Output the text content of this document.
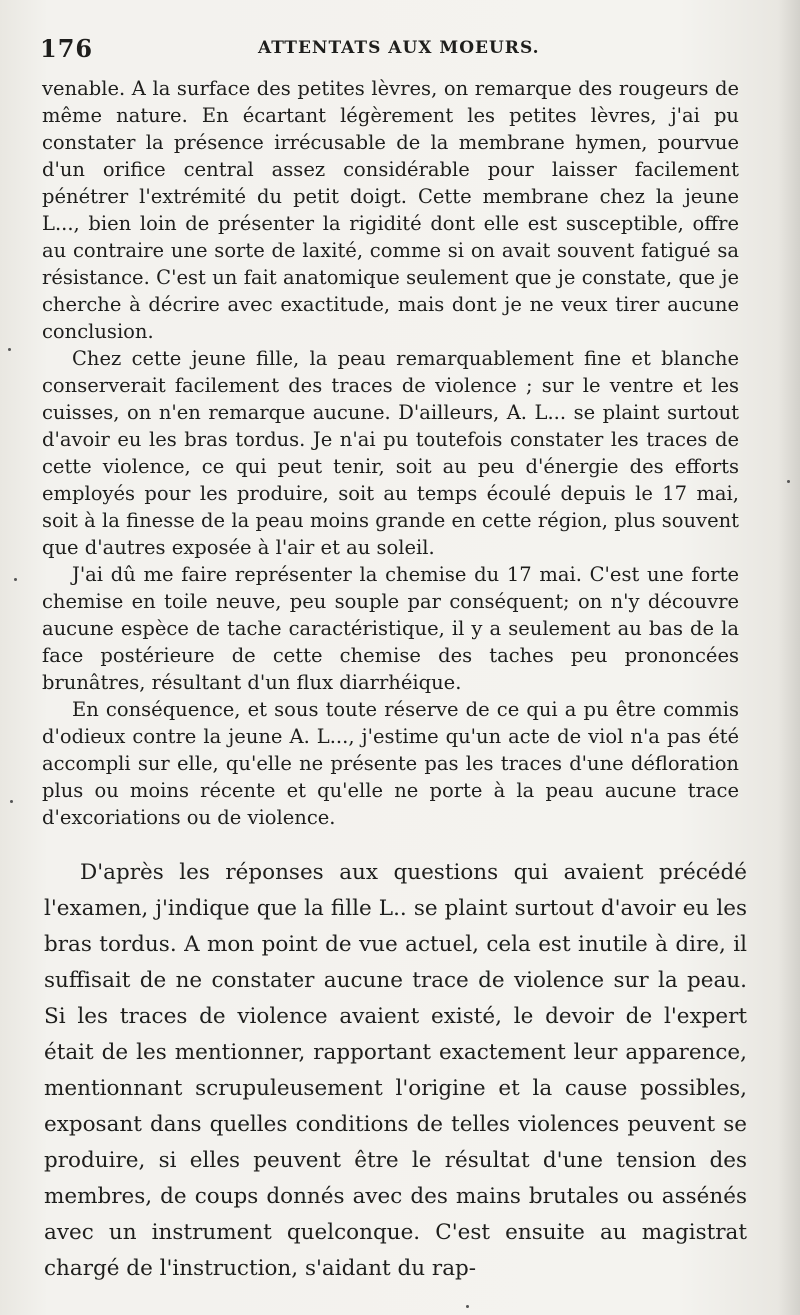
176	ATTENTATS AUX MOEURS.

venable. A la surface des petites lèvres, on remarque des rougeurs de même nature. En écartant légèrement les petites lèvres, j'ai pu constater la présence irrécusable de la membrane hymen, pourvue d'un orifice central assez considérable pour laisser facilement pénétrer l'extrémité du petit doigt. Cette membrane chez la jeune L..., bien loin de présenter la rigidité dont elle est susceptible, offre au contraire une sorte de laxité, comme si on avait souvent fatigué sa résistance. C'est un fait anatomique seulement que je constate, que je cherche à décrire avec exactitude, mais dont je ne veux tirer aucune conclusion.

Chez cette jeune fille, la peau remarquablement fine et blanche conserverait facilement des traces de violence ; sur le ventre et les cuisses, on n'en remarque aucune. D'ailleurs, A. L... se plaint surtout d'avoir eu les bras tordus. Je n'ai pu toutefois constater les traces de cette violence, ce qui peut tenir, soit au peu d'énergie des efforts employés pour les produire, soit au temps écoulé depuis le 17 mai, soit à la finesse de la peau moins grande en cette région, plus souvent que d'autres exposée à l'air et au soleil.

J'ai dû me faire représenter la chemise du 17 mai. C'est une forte chemise en toile neuve, peu souple par conséquent; on n'y découvre aucune espèce de tache caractéristique, il y a seulement au bas de la face postérieure de cette chemise des taches peu prononcées brunâtres, résultant d'un flux diarrhéique.

En conséquence, et sous toute réserve de ce qui a pu être commis d'odieux contre la jeune A. L..., j'estime qu'un acte de viol n'a pas été accompli sur elle, qu'elle ne présente pas les traces d'une défloration plus ou moins récente et qu'elle ne porte à la peau aucune trace d'excoriations ou de violence.

D'après les réponses aux questions qui avaient précédé l'examen, j'indique que la fille L.. se plaint surtout d'avoir eu les bras tordus. A mon point de vue actuel, cela est inutile à dire, il suffisait de ne constater aucune trace de violence sur la peau. Si les traces de violence avaient existé, le devoir de l'expert était de les mentionner, rapportant exactement leur apparence, mentionnant scrupuleusement l'origine et la cause possibles, exposant dans quelles conditions de telles violences peuvent se produire, si elles peuvent être le résultat d'une tension des membres, de coups donnés avec des mains brutales ou assénés avec un instrument quelconque. C'est ensuite au magistrat chargé de l'instruction, s'aidant du rap-
